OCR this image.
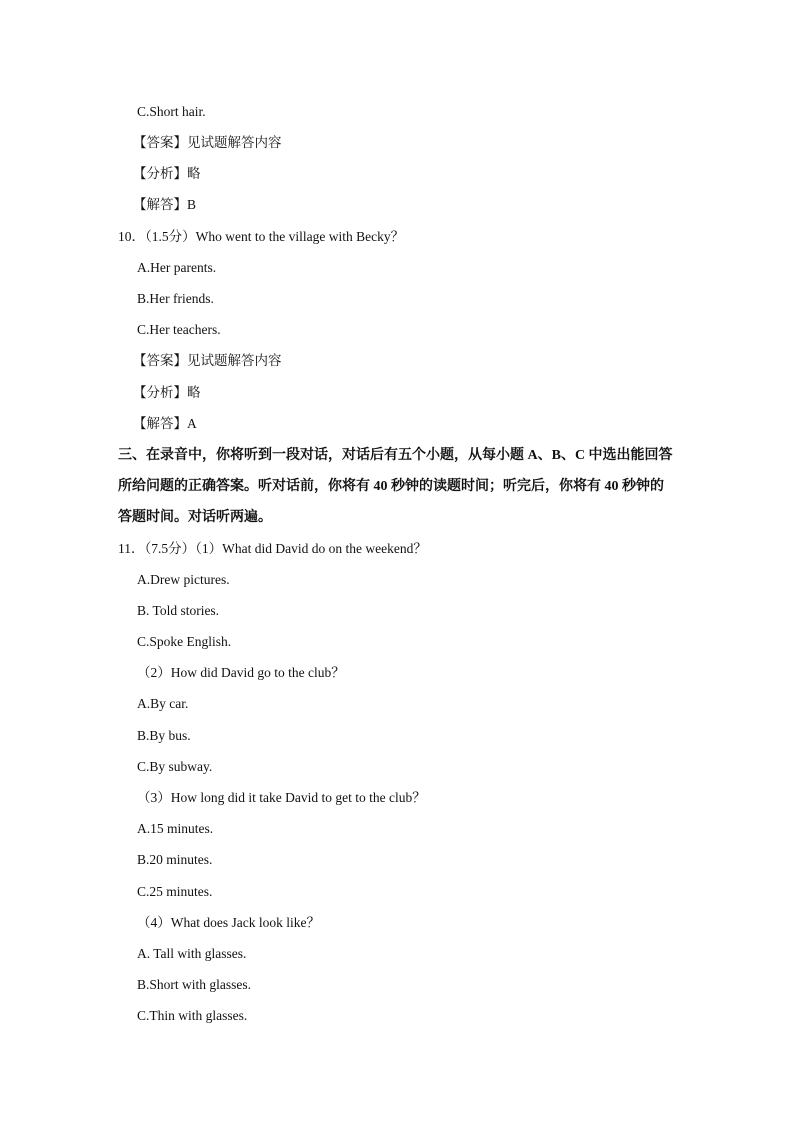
C.Short hair.
【答案】见试题解答内容
【分析】略
【解答】B
10．（1.5分）Who went to the village with Becky？
A.Her parents.
B.Her friends.
C.Her teachers.
【答案】见试题解答内容
【分析】略
【解答】A
三、在录音中，你将听到一段对话，对话后有五个小题，从每小题 A、B、C 中选出能回答
所给问题的正确答案。听对话前，你将有 40 秒钟的读题时间；听完后，你将有 40 秒钟的
答题时间。对话听两遍。
11．（7.5分）（1）What did David do on the weekend？
A.Drew pictures.
B. Told stories.
C.Spoke English.
（2）How did David go to the club？
A.By car.
B.By bus.
C.By subway.
（3）How long did it take David to get to the club？
A.15 minutes.
B.20 minutes.
C.25 minutes.
（4）What does Jack look like？
A. Tall with glasses.
B.Short with glasses.
C.Thin with glasses.
